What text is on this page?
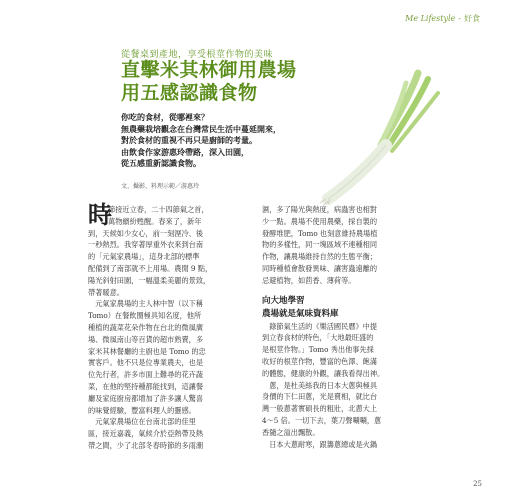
Me Lifestyle - 好食
從餐桌到產地，享受根莖作物的美味
直擊米其林御用農場
用五感認識食物
你吃的食材，從哪裡來？
無農藥栽培觀念在台灣常民生活中蔓延開來，
對於食材的重視不再只是廚師的考量。
由飲食作家游惠玲帶路，深入田園，
從五感重新認識食物。
文、攝影、料理示範／游惠玲
時
節接近立春，二十四節氣之首，
萬物繽紛甦醒。春來了，新年
到，天候如少女心，前一刻溼冷、後
一秒熱烈。我穿著厚重外衣來到台南
的「元氣家農場」，這身北部的標準
配備到了南部就不上用場。農閒 9 點，
陽光斜射田園，一幅溫柔美麗的景致，
帶著暖意。
　元氣家農場的主人林中智（以下稱
Tomo）在餐飲圈極具知名度，他所
種植的蔬菜花朵作物在台北的微風廣
場、微風南山等百貨的超市熟賣，多
家米其林餐廳的主廚也是 Tomo 的忠
實客戶。他不只是位專業農夫，也是
位先行者，許多市面上難尋的花卉蔬
菜，在他的堅持種都能找到，這讓餐
廳及家庭廚房都增加了許多讓人驚喜
的味覺經驗，豐富料理人的靈感。
　元氣家農場位在台南北部的佳里
區，接近嘉義，氣候介於亞熱帶及熱
帶之間，少了北部冬春時節的多雨潮
濕，多了陽光與熱度，病蟲害也相對
少一點。農場不使用農藥，採自製的
發酵堆肥，Tomo 也刻意維持農場植
物的多樣性，同一塊區域不連種相同
作物，讓農場維持自然的生態平衡；
同時種植會散發異味、讓害蟲遠離的
忌避植物，如茴香、薄荷等。
向大地學習
農場就是氣味資料庫
　錄節氣生活的《樂活國民曆》中提
到立春食材的特色，「大地最旺盛的
是根莖作物。」Tomo 秀出他事先採
收好的根莖作物，豐富的色澤、飽滿
的體態，健康的外觀，讓我看得出神。
　蔥，是杜美絲我的日本大蔥與極具
身價的下仁田蔥，光是賣相，就比台
灣一般蔥著實碩長的粗壯，北蔥大上
4～5 倍。一切下去，葉刀聲唰唰，蔥
香隨之溢出飄散。
　日本大蔥耐寒，跟籌蔥總或是火鍋
25
